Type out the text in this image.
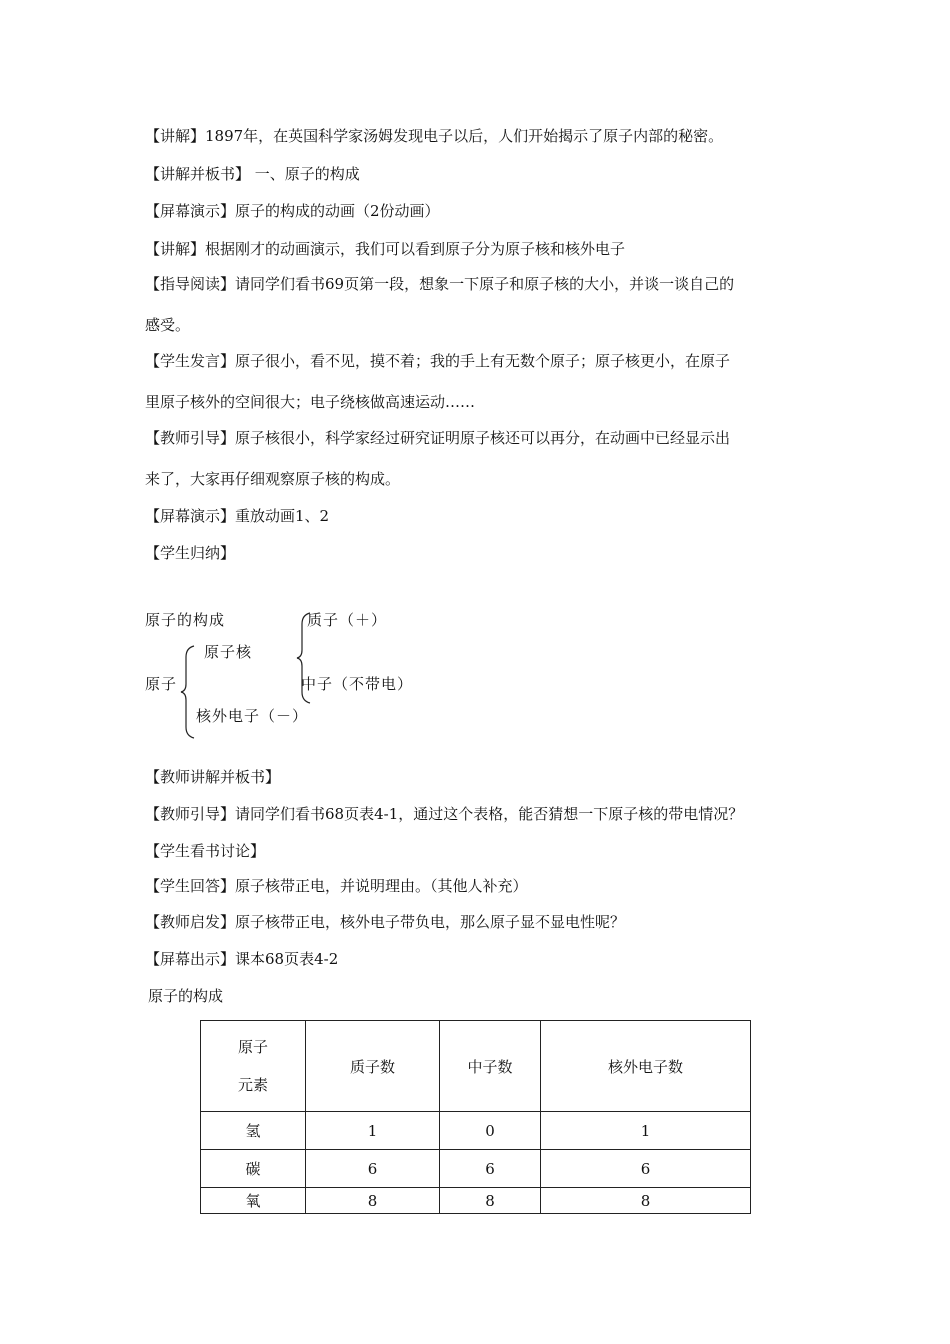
【讲解】1897年，在英国科学家汤姆发现电子以后，人们开始揭示了原子内部的秘密。
【讲解并板书】 一、原子的构成
【屏幕演示】原子的构成的动画（2份动画）
【讲解】根据刚才的动画演示，我们可以看到原子分为原子核和核外电子
【指导阅读】请同学们看书69页第一段，想象一下原子和原子核的大小，并谈一谈自己的
感受。
【学生发言】原子很小，看不见，摸不着；我的手上有无数个原子；原子核更小，在原子
里原子核外的空间很大；电子绕核做高速运动……
【教师引导】原子核很小，科学家经过研究证明原子核还可以再分，在动画中已经显示出
来了，大家再仔细观察原子核的构成。
【屏幕演示】重放动画1、2
【学生归纳】
原子的构成
原子
原子核
核外电子（－）
质子（＋）
中子（不带电）
【教师讲解并板书】
【教师引导】请同学们看书68页表4-1，通过这个表格，能否猜想一下原子核的带电情况？
【学生看书讨论】
【学生回答】原子核带正电，并说明理由。（其他人补充）
【教师启发】原子核带正电，核外电子带负电，那么原子显不显电性呢？
【屏幕出示】课本68页表4-2
原子的构成
原子
元素	质子数	中子数	核外电子数
氢	1	0	1
碳	6	6	6
氧	8	8	8
